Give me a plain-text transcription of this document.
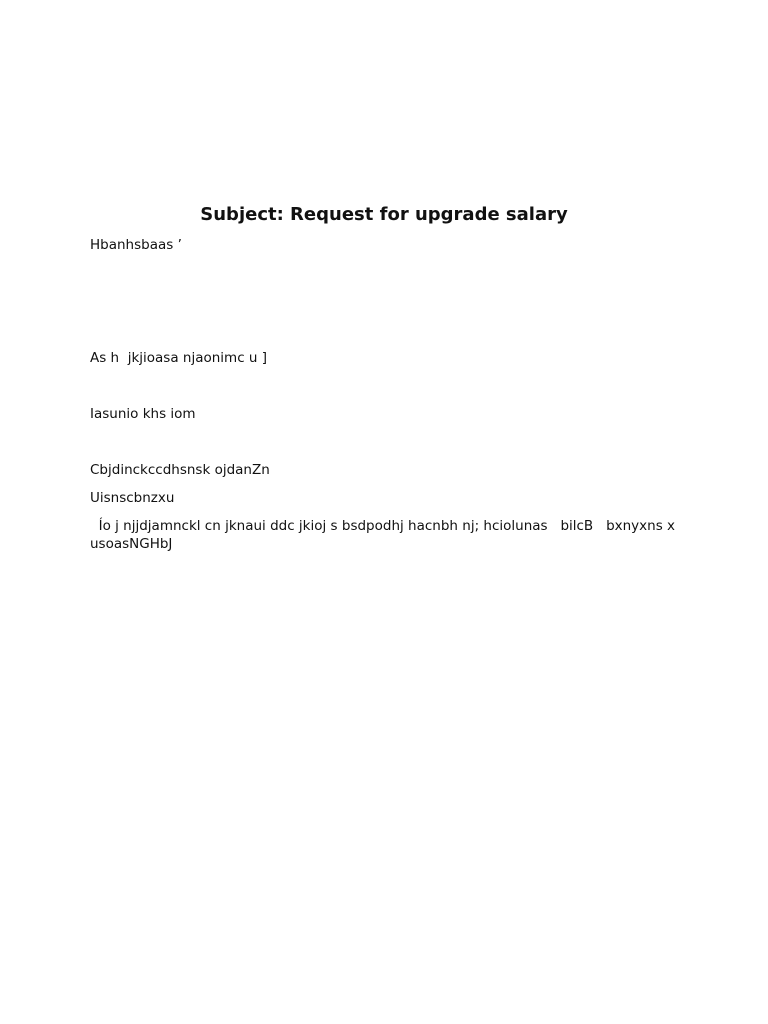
Subject: Request for upgrade salary
Hbanhsbaas ’
As h  jkjioasa njaonimc u ]
Iasunio khs iom
Cbjdinckccdhsnsk ojdanZn
Uisnscbnzxu
Ío j njjdjamnckl cn jknaui ddc jkioj s bsdpodhj hacnbh nj; hciolunas   bilcB   bxnyxns x usoasNGHbJ
